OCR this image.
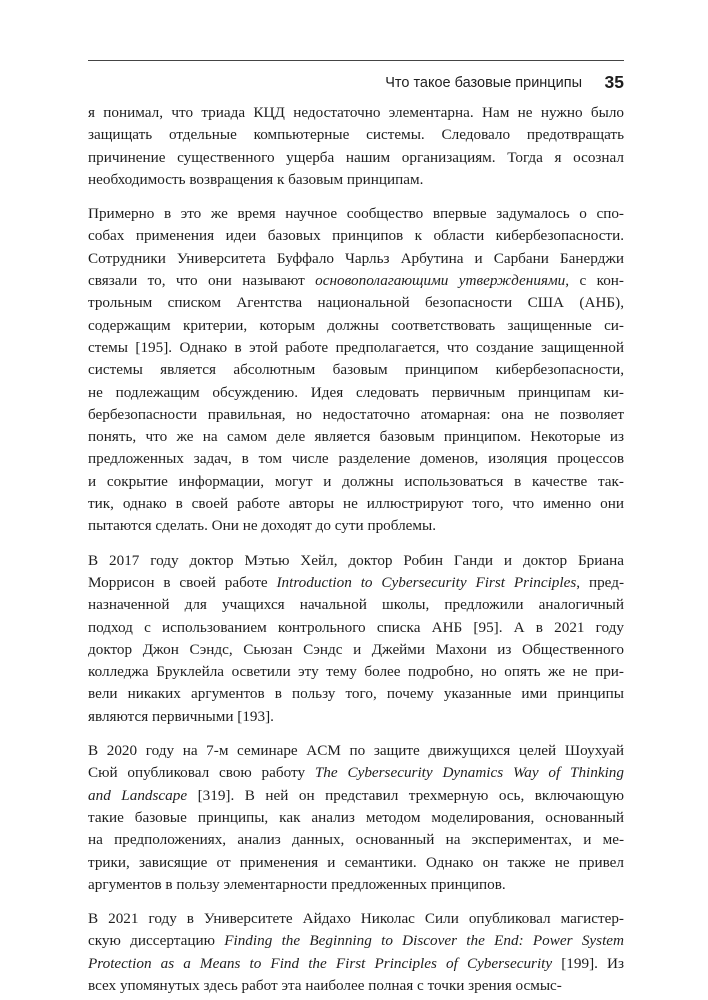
Что такое базовые принципы 35
я понимал, что триада КЦД недостаточно элементарна. Нам не нужно было
защищать отдельные компьютерные системы. Следовало предотвращать
причинение существенного ущерба нашим организациям. Тогда я осознал
необходимость возвращения к базовым принципам.
Примерно в это же время научное сообщество впервые задумалось о спо-
собах применения идеи базовых принципов к области кибербезопасности.
Сотрудники Университета Буффало Чарльз Арбутина и Сарбани Банерджи
связали то, что они называют основополагающими утверждениями, с кон-
трольным списком Агентства национальной безопасности США (АНБ),
содержащим критерии, которым должны соответствовать защищенные си-
стемы [195]. Однако в этой работе предполагается, что создание защищенной
системы является абсолютным базовым принципом кибербезопасности,
не подлежащим обсуждению. Идея следовать первичным принципам ки-
бербезопасности правильная, но недостаточно атомарная: она не позволяет
понять, что же на самом деле является базовым принципом. Некоторые из
предложенных задач, в том числе разделение доменов, изоляция процессов
и сокрытие информации, могут и должны использоваться в качестве так-
тик, однако в своей работе авторы не иллюстрируют того, что именно они
пытаются сделать. Они не доходят до сути проблемы.
В 2017 году доктор Мэтью Хейл, доктор Робин Ганди и доктор Бриана
Моррисон в своей работе Introduction to Cybersecurity First Principles, пред-
назначенной для учащихся начальной школы, предложили аналогичный
подход с использованием контрольного списка АНБ [95]. А в 2021 году
доктор Джон Сэндс, Сьюзан Сэндс и Джейми Махони из Общественного
колледжа Бруклейла осветили эту тему более подробно, но опять же не при-
вели никаких аргументов в пользу того, почему указанные ими принципы
являются первичными [193].
В 2020 году на 7-м семинаре ACM по защите движущихся целей Шоухуай
Сюй опубликовал свою работу The Cybersecurity Dynamics Way of Thinking
and Landscape [319]. В ней он представил трехмерную ось, включающую
такие базовые принципы, как анализ методом моделирования, основанный
на предположениях, анализ данных, основанный на экспериментах, и ме-
трики, зависящие от применения и семантики. Однако он также не привел
аргументов в пользу элементарности предложенных принципов.
В 2021 году в Университете Айдахо Николас Сили опубликовал магистер-
скую диссертацию Finding the Beginning to Discover the End: Power System
Protection as a Means to Find the First Principles of Cybersecurity [199]. Из
всех упомянутых здесь работ эта наиболее полная с точки зрения осмыс-
